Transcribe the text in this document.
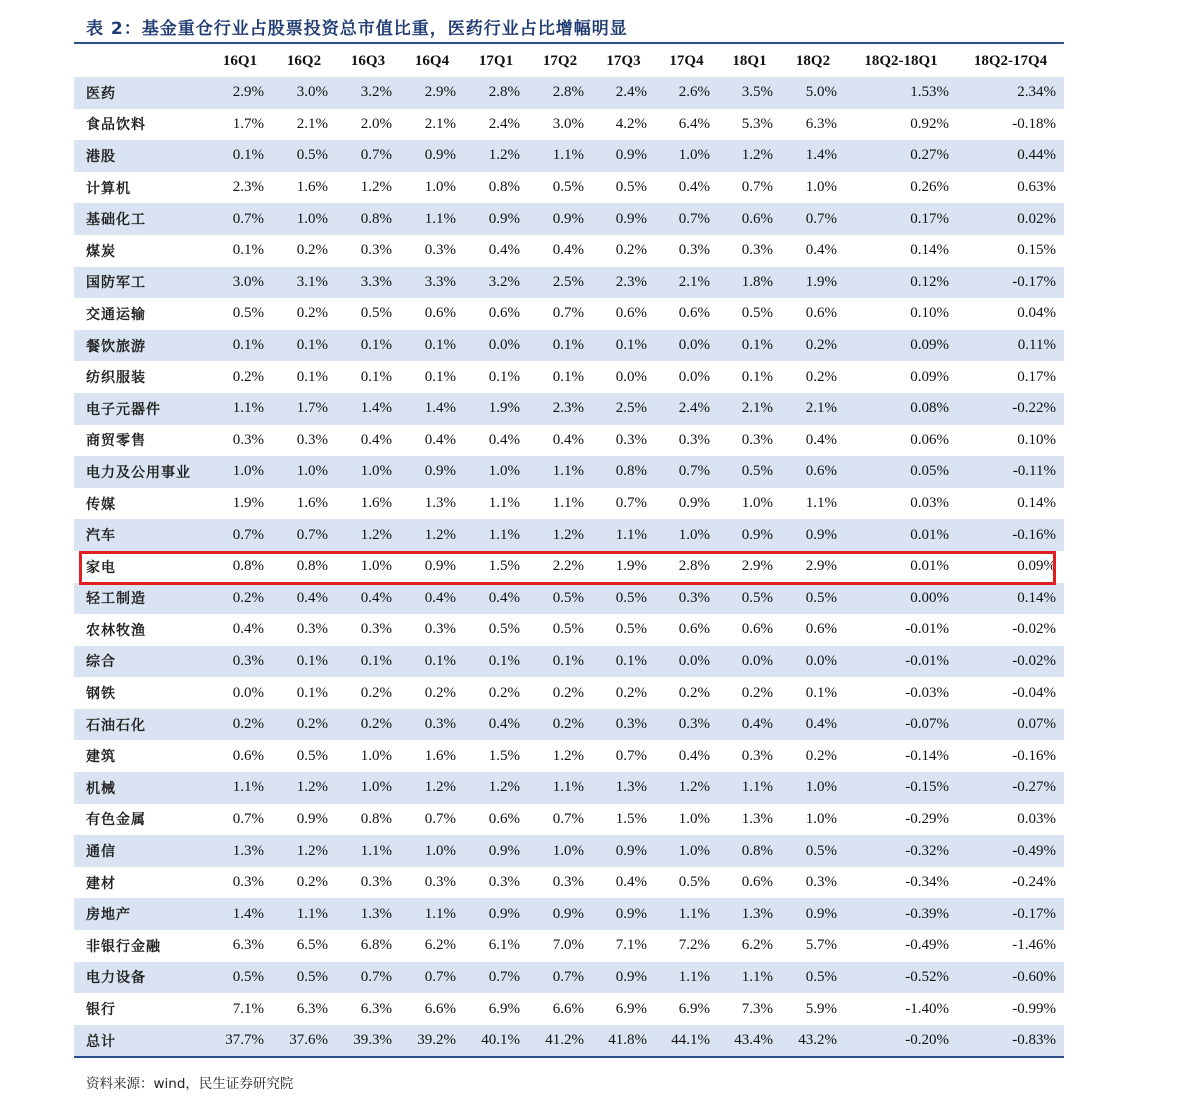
表 2：基金重仓行业占股票投资总市值比重，医药行业占比增幅明显
	16Q1	16Q2	16Q3	16Q4	17Q1	17Q2	17Q3	17Q4	18Q1	18Q2	18Q2-18Q1	18Q2-17Q4
医药	2.9%	3.0%	3.2%	2.9%	2.8%	2.8%	2.4%	2.6%	3.5%	5.0%	1.53%	2.34%
食品饮料	1.7%	2.1%	2.0%	2.1%	2.4%	3.0%	4.2%	6.4%	5.3%	6.3%	0.92%	-0.18%
港股	0.1%	0.5%	0.7%	0.9%	1.2%	1.1%	0.9%	1.0%	1.2%	1.4%	0.27%	0.44%
计算机	2.3%	1.6%	1.2%	1.0%	0.8%	0.5%	0.5%	0.4%	0.7%	1.0%	0.26%	0.63%
基础化工	0.7%	1.0%	0.8%	1.1%	0.9%	0.9%	0.9%	0.7%	0.6%	0.7%	0.17%	0.02%
煤炭	0.1%	0.2%	0.3%	0.3%	0.4%	0.4%	0.2%	0.3%	0.3%	0.4%	0.14%	0.15%
国防军工	3.0%	3.1%	3.3%	3.3%	3.2%	2.5%	2.3%	2.1%	1.8%	1.9%	0.12%	-0.17%
交通运输	0.5%	0.2%	0.5%	0.6%	0.6%	0.7%	0.6%	0.6%	0.5%	0.6%	0.10%	0.04%
餐饮旅游	0.1%	0.1%	0.1%	0.1%	0.0%	0.1%	0.1%	0.0%	0.1%	0.2%	0.09%	0.11%
纺织服装	0.2%	0.1%	0.1%	0.1%	0.1%	0.1%	0.0%	0.0%	0.1%	0.2%	0.09%	0.17%
电子元器件	1.1%	1.7%	1.4%	1.4%	1.9%	2.3%	2.5%	2.4%	2.1%	2.1%	0.08%	-0.22%
商贸零售	0.3%	0.3%	0.4%	0.4%	0.4%	0.4%	0.3%	0.3%	0.3%	0.4%	0.06%	0.10%
电力及公用事业	1.0%	1.0%	1.0%	0.9%	1.0%	1.1%	0.8%	0.7%	0.5%	0.6%	0.05%	-0.11%
传媒	1.9%	1.6%	1.6%	1.3%	1.1%	1.1%	0.7%	0.9%	1.0%	1.1%	0.03%	0.14%
汽车	0.7%	0.7%	1.2%	1.2%	1.1%	1.2%	1.1%	1.0%	0.9%	0.9%	0.01%	-0.16%
家电	0.8%	0.8%	1.0%	0.9%	1.5%	2.2%	1.9%	2.8%	2.9%	2.9%	0.01%	0.09%
轻工制造	0.2%	0.4%	0.4%	0.4%	0.4%	0.5%	0.5%	0.3%	0.5%	0.5%	0.00%	0.14%
农林牧渔	0.4%	0.3%	0.3%	0.3%	0.5%	0.5%	0.5%	0.6%	0.6%	0.6%	-0.01%	-0.02%
综合	0.3%	0.1%	0.1%	0.1%	0.1%	0.1%	0.1%	0.0%	0.0%	0.0%	-0.01%	-0.02%
钢铁	0.0%	0.1%	0.2%	0.2%	0.2%	0.2%	0.2%	0.2%	0.2%	0.1%	-0.03%	-0.04%
石油石化	0.2%	0.2%	0.2%	0.3%	0.4%	0.2%	0.3%	0.3%	0.4%	0.4%	-0.07%	0.07%
建筑	0.6%	0.5%	1.0%	1.6%	1.5%	1.2%	0.7%	0.4%	0.3%	0.2%	-0.14%	-0.16%
机械	1.1%	1.2%	1.0%	1.2%	1.2%	1.1%	1.3%	1.2%	1.1%	1.0%	-0.15%	-0.27%
有色金属	0.7%	0.9%	0.8%	0.7%	0.6%	0.7%	1.5%	1.0%	1.3%	1.0%	-0.29%	0.03%
通信	1.3%	1.2%	1.1%	1.0%	0.9%	1.0%	0.9%	1.0%	0.8%	0.5%	-0.32%	-0.49%
建材	0.3%	0.2%	0.3%	0.3%	0.3%	0.3%	0.4%	0.5%	0.6%	0.3%	-0.34%	-0.24%
房地产	1.4%	1.1%	1.3%	1.1%	0.9%	0.9%	0.9%	1.1%	1.3%	0.9%	-0.39%	-0.17%
非银行金融	6.3%	6.5%	6.8%	6.2%	6.1%	7.0%	7.1%	7.2%	6.2%	5.7%	-0.49%	-1.46%
电力设备	0.5%	0.5%	0.7%	0.7%	0.7%	0.7%	0.9%	1.1%	1.1%	0.5%	-0.52%	-0.60%
银行	7.1%	6.3%	6.3%	6.6%	6.9%	6.6%	6.9%	6.9%	7.3%	5.9%	-1.40%	-0.99%
总计	37.7%	37.6%	39.3%	39.2%	40.1%	41.2%	41.8%	44.1%	43.4%	43.2%	-0.20%	-0.83%
资料来源：wind，民生证券研究院
